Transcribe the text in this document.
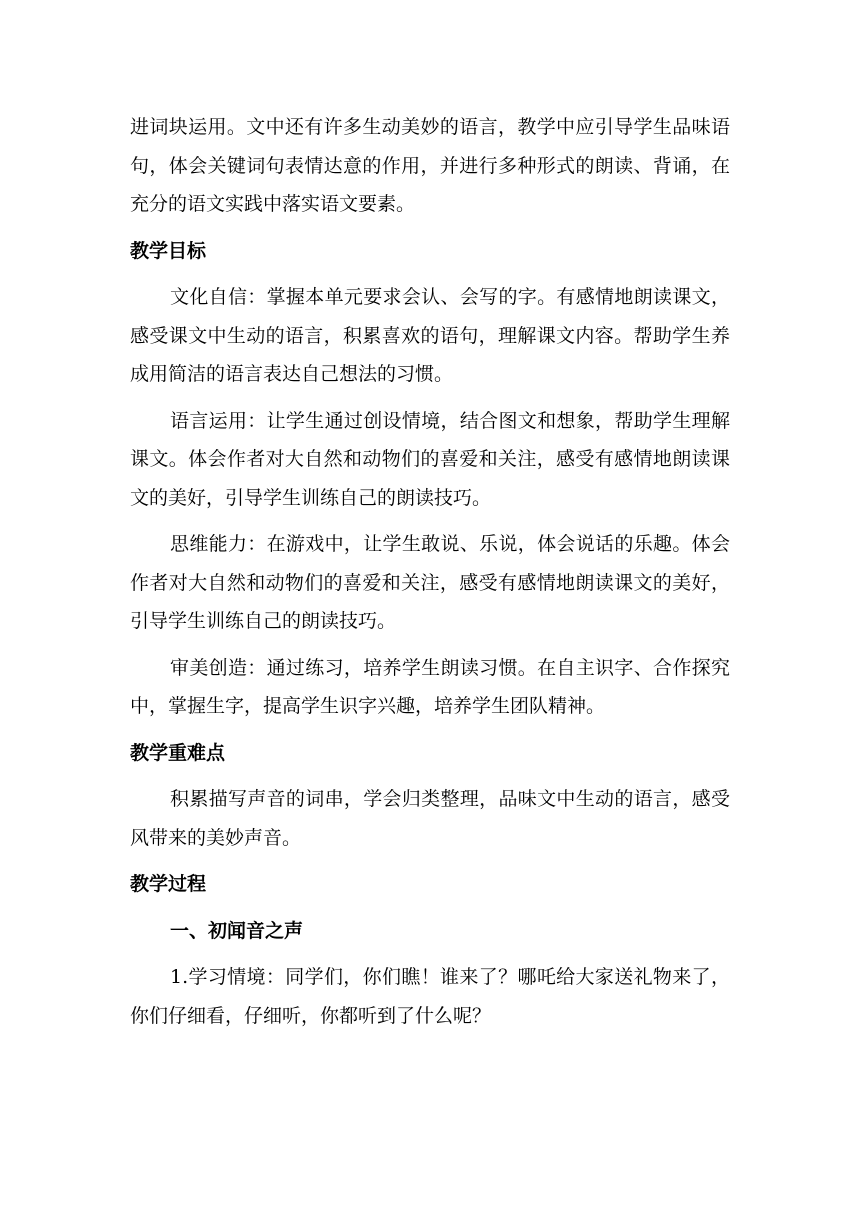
进词块运用。文中还有许多生动美妙的语言，教学中应引导学生品味语句，体会关键词句表情达意的作用，并进行多种形式的朗读、背诵，在充分的语文实践中落实语文要素。

教学目标

文化自信：掌握本单元要求会认、会写的字。有感情地朗读课文，感受课文中生动的语言，积累喜欢的语句，理解课文内容。帮助学生养成用简洁的语言表达自己想法的习惯。

语言运用：让学生通过创设情境，结合图文和想象，帮助学生理解课文。体会作者对大自然和动物们的喜爱和关注，感受有感情地朗读课文的美好，引导学生训练自己的朗读技巧。

思维能力：在游戏中，让学生敢说、乐说，体会说话的乐趣。体会作者对大自然和动物们的喜爱和关注，感受有感情地朗读课文的美好，引导学生训练自己的朗读技巧。

审美创造：通过练习，培养学生朗读习惯。在自主识字、合作探究中，掌握生字，提高学生识字兴趣，培养学生团队精神。

教学重难点

积累描写声音的词串，学会归类整理，品味文中生动的语言，感受风带来的美妙声音。

教学过程

一、初闻音之声

1.学习情境：同学们，你们瞧！谁来了？哪吒给大家送礼物来了，你们仔细看，仔细听，你都听到了什么呢？
